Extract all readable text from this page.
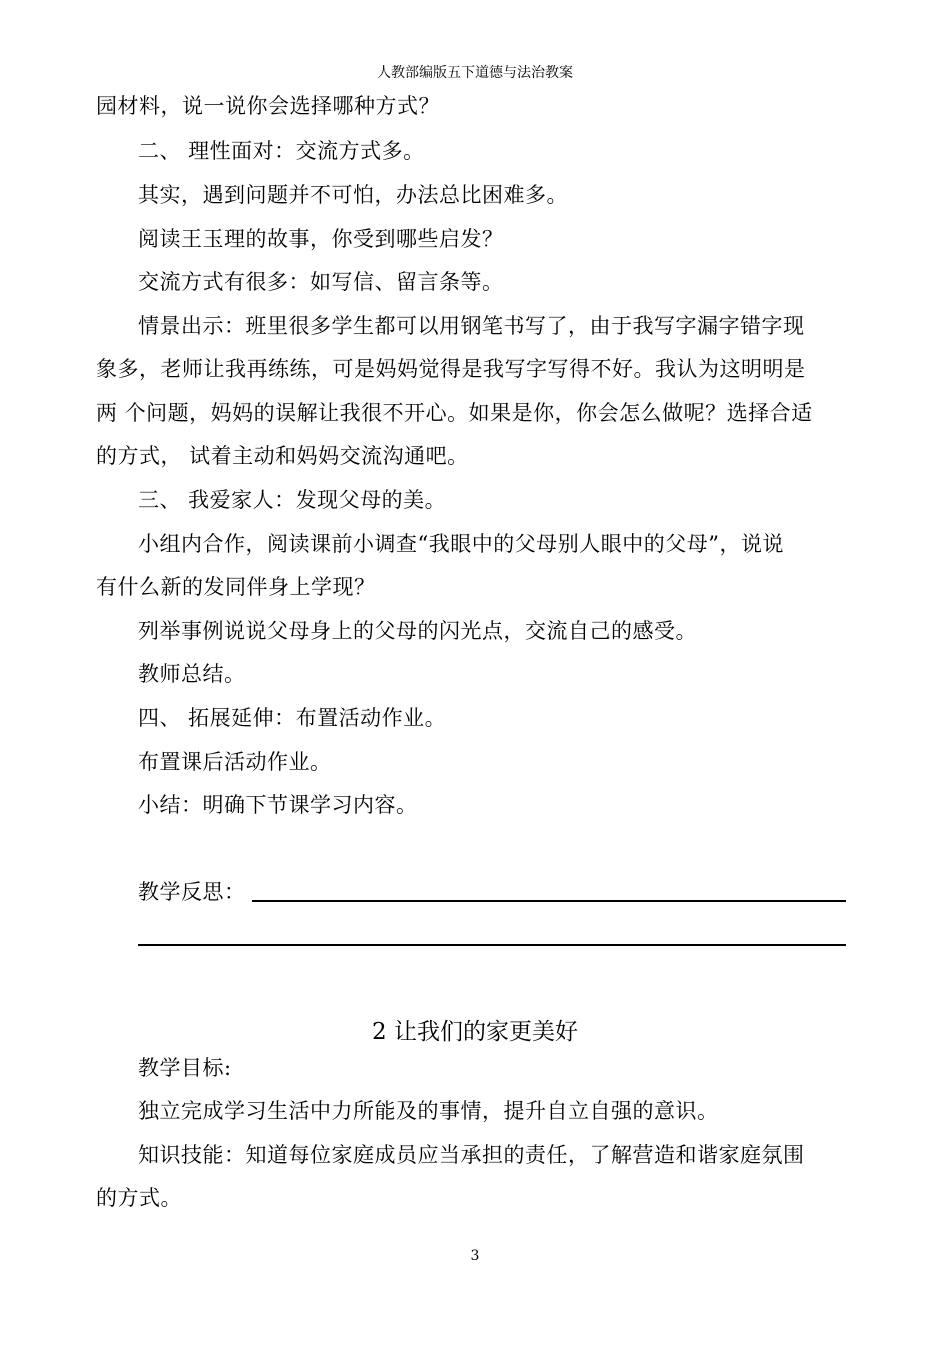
人教部编版五下道德与法治教案
园材料，说一说你会选择哪种方式？
二、 理性面对：交流方式多。
其实，遇到问题并不可怕，办法总比困难多。
阅读王玉理的故事，你受到哪些启发？
交流方式有很多：如写信、留言条等。
情景出示：班里很多学生都可以用钢笔书写了，由于我写字漏字错字现
象多，老师让我再练练，可是妈妈觉得是我写字写得不好。我认为这明明是
两 个问题，妈妈的误解让我很不开心。如果是你，你会怎么做呢？选择合适
的方式， 试着主动和妈妈交流沟通吧。
三、 我爱家人：发现父母的美。
小组内合作，阅读课前小调查“我眼中的父母别人眼中的父母”，说说
有什么新的发同伴身上学现？
列举事例说说父母身上的父母的闪光点，交流自己的感受。
教师总结。
四、 拓展延伸：布置活动作业。
布置课后活动作业。
小结：明确下节课学习内容。
教学反思：
2 让我们的家更美好
教学目标:
独立完成学习生活中力所能及的事情，提升自立自强的意识。
知识技能：知道每位家庭成员应当承担的责任，了解营造和谐家庭氛围
的方式。
3
